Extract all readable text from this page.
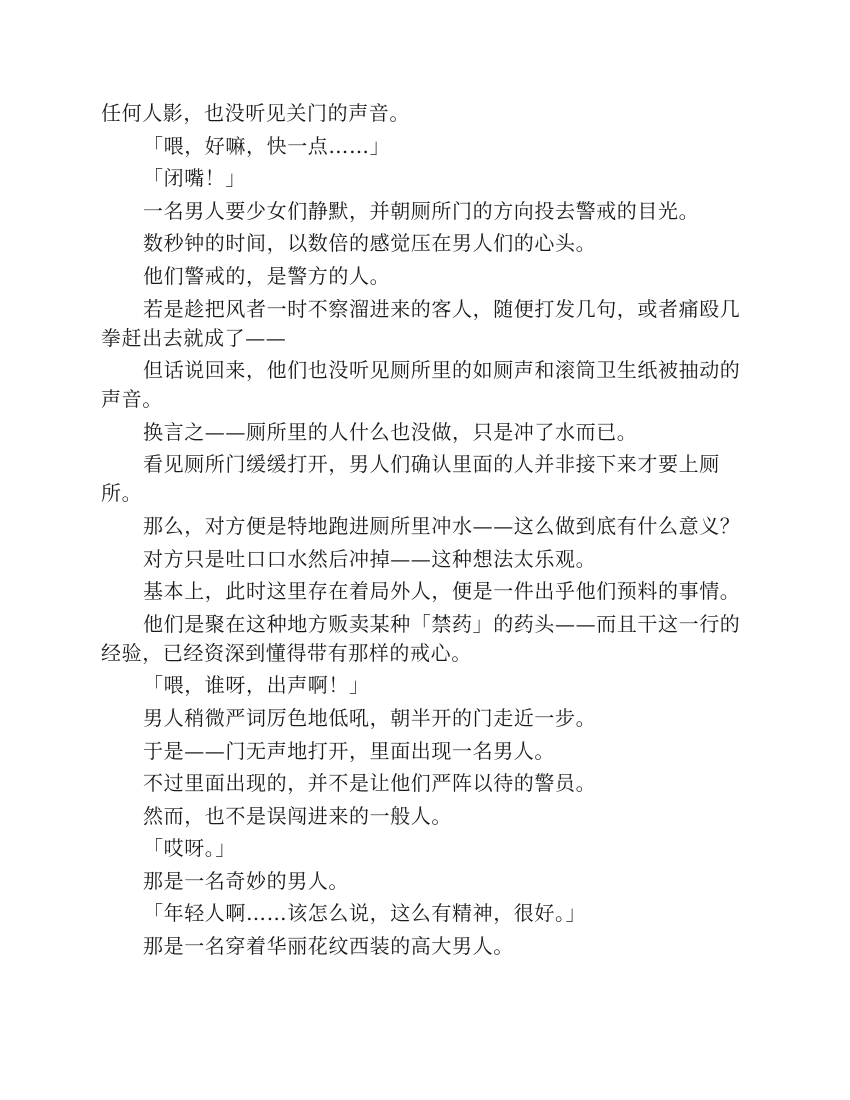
任何人影，也没听见关门的声音。

「喂，好嘛，快一点……」

「闭嘴！」

一名男人要少女们静默，并朝厕所门的方向投去警戒的目光。

数秒钟的时间，以数倍的感觉压在男人们的心头。

他们警戒的，是警方的人。

若是趁把风者一时不察溜进来的客人，随便打发几句，或者痛殴几拳赶出去就成了——

但话说回来，他们也没听见厕所里的如厕声和滚筒卫生纸被抽动的声音。

换言之——厕所里的人什么也没做，只是冲了水而已。

看见厕所门缓缓打开，男人们确认里面的人并非接下来才要上厕所。

那么，对方便是特地跑进厕所里冲水——这么做到底有什么意义？

对方只是吐口口水然后冲掉——这种想法太乐观。

基本上，此时这里存在着局外人，便是一件出乎他们预料的事情。

他们是聚在这种地方贩卖某种「禁药」的药头——而且干这一行的经验，已经资深到懂得带有那样的戒心。

「喂，谁呀，出声啊！」

男人稍微严词厉色地低吼，朝半开的门走近一步。

于是——门无声地打开，里面出现一名男人。

不过里面出现的，并不是让他们严阵以待的警员。

然而，也不是误闯进来的一般人。

「哎呀。」

那是一名奇妙的男人。

「年轻人啊……该怎么说，这么有精神，很好。」

那是一名穿着华丽花纹西装的高大男人。
